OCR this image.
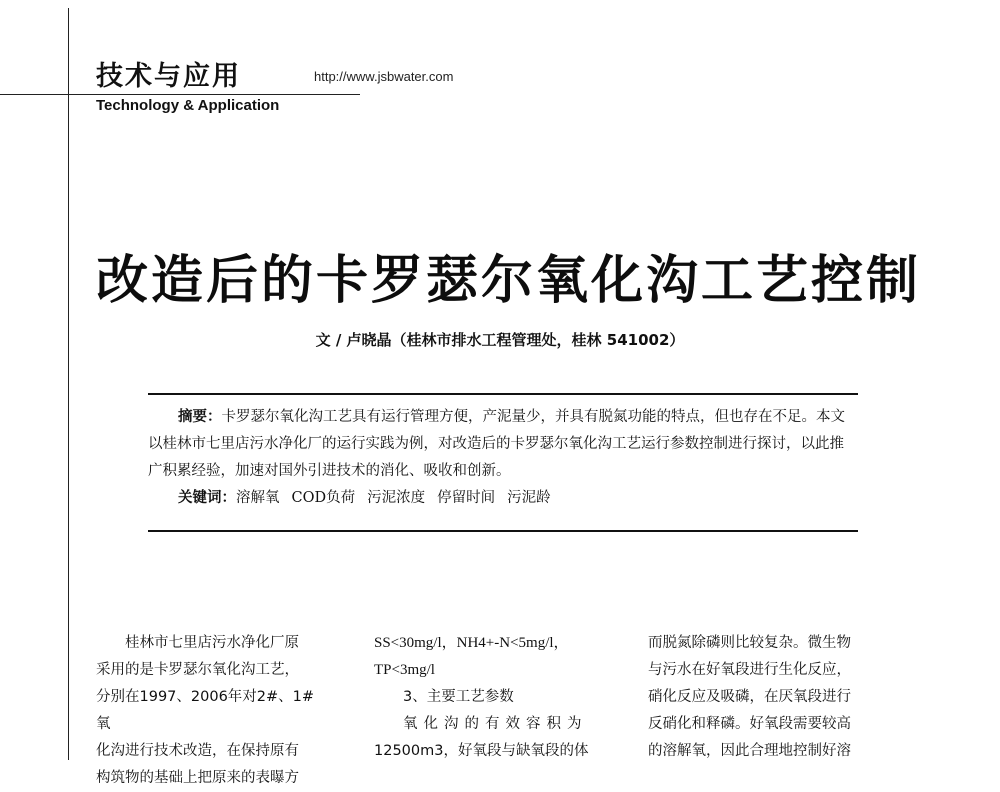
技术与应用	http://www.jsbwater.com
Technology & Application
改造后的卡罗瑟尔氧化沟工艺控制
文 / 卢晓晶（桂林市排水工程管理处，桂林 541002）

摘要：卡罗瑟尔氧化沟工艺具有运行管理方便，产泥量少，并具有脱氮功能的特点，但也存在不足。本文以桂林市七里店污水净化厂的运行实践为例，对改造后的卡罗瑟尔氧化沟工艺运行参数控制进行探讨，以此推广积累经验，加速对国外引进技术的消化、吸收和创新。

关键词：溶解氧 COD负荷 污泥浓度 停留时间 污泥龄

桂林市七里店污水净化厂原

采用的是卡罗瑟尔氧化沟工艺，

分别在1997、2006年对2#、1#氧

化沟进行技术改造，在保持原有

构筑物的基础上把原来的表曝方

SS<30mg/l，NH4+-N<5mg/l，

TP<3mg/l

3、主要工艺参数

氧化沟的有效容积为

12500m3，好氧段与缺氧段的体

而脱氮除磷则比较复杂。微生物

与污水在好氧段进行生化反应，

硝化反应及吸磷，在厌氧段进行

反硝化和释磷。好氧段需要较高

的溶解氧，因此合理地控制好溶
